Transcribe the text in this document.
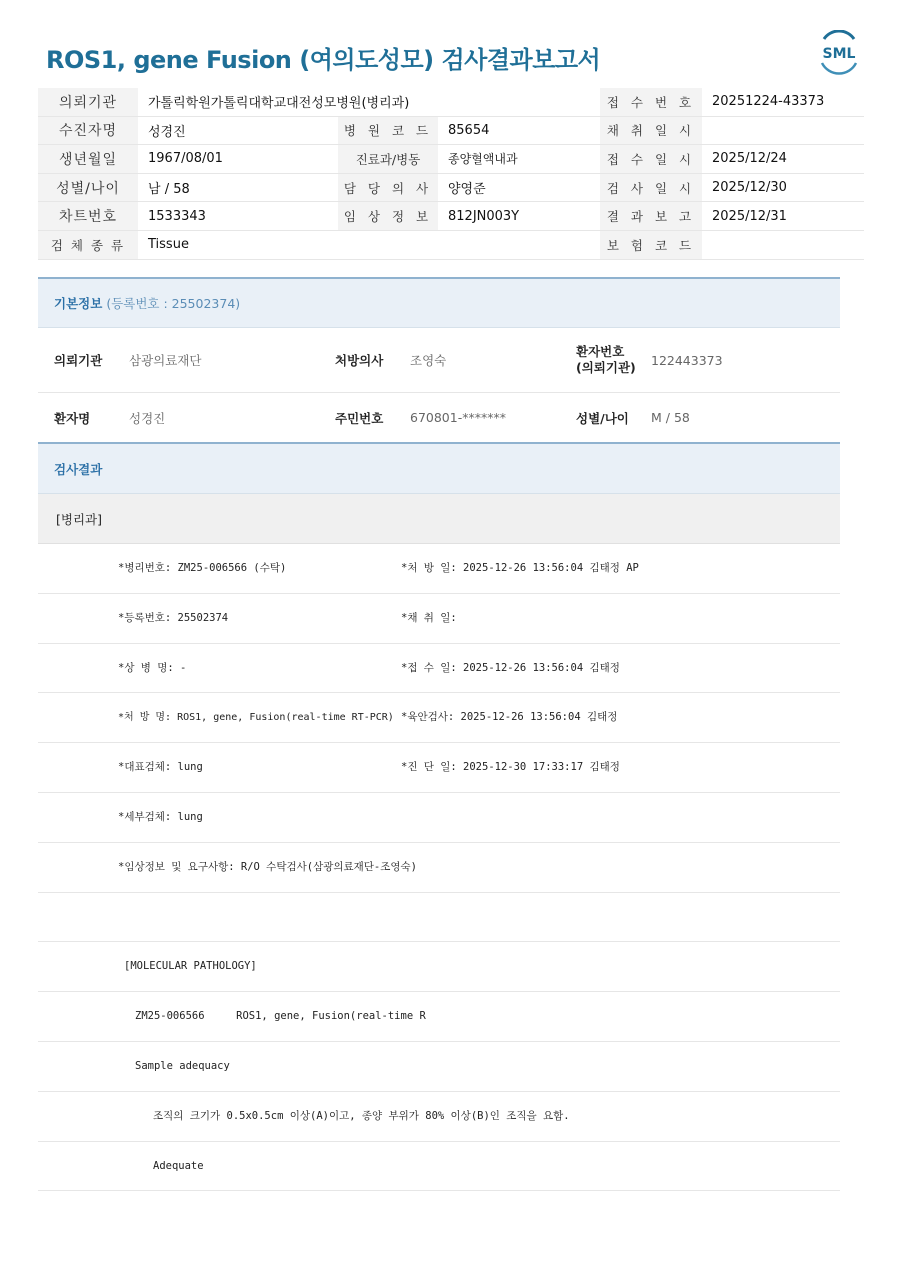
ROS1, gene Fusion (여의도성모) 검사결과보고서	SML
의뢰기관	가톨릭학원가톨릭대학교대전성모병원(병리과)	접 수 번 호	20251224-43373
수진자명	성경진	병 원 코 드	85654	채 취 일 시
생년월일	1967/08/01	진료과/병동	종양혈액내과	접 수 일 시	2025/12/24
성별/나이	남 / 58	담 당 의 사	양영준	검 사 일 시	2025/12/30
차트번호	1533343	임 상 정 보	812JN003Y	결 과 보 고	2025/12/31
검 체 종 류	Tissue	보 험 코 드
기본정보 (등록번호 : 25502374)
의뢰기관 삼광의료재단	처방의사 조영숙
환자번호
(의뢰기관)	122443373
환자명	성경진	주민번호 670801-*******	성별/나이 M / 58
검사결과
[병리과]
*병리번호: ZM25-006566 (수탁)	*처 방 일: 2025-12-26 13:56:04 김태정 AP
*등록번호: 25502374	*채 취 일:
*상 병 명: -	*접 수 일: 2025-12-26 13:56:04 김태정
*처 방 명: ROS1, gene, Fusion(real-time RT-PCR) *육안검사: 2025-12-26 13:56:04 김태정
*대표검체: lung	*진 단 일: 2025-12-30 17:33:17 김태정
*세부검체: lung
*임상정보 및 요구사항: R/O 수탁검사(삼광의료재단-조영숙)
[MOLECULAR PATHOLOGY]
ZM25-006566     ROS1, gene, Fusion(real-time R
Sample adequacy
조직의 크기가 0.5x0.5cm 이상(A)이고, 종양 부위가 80% 이상(B)인 조직을 요함.
Adequate
